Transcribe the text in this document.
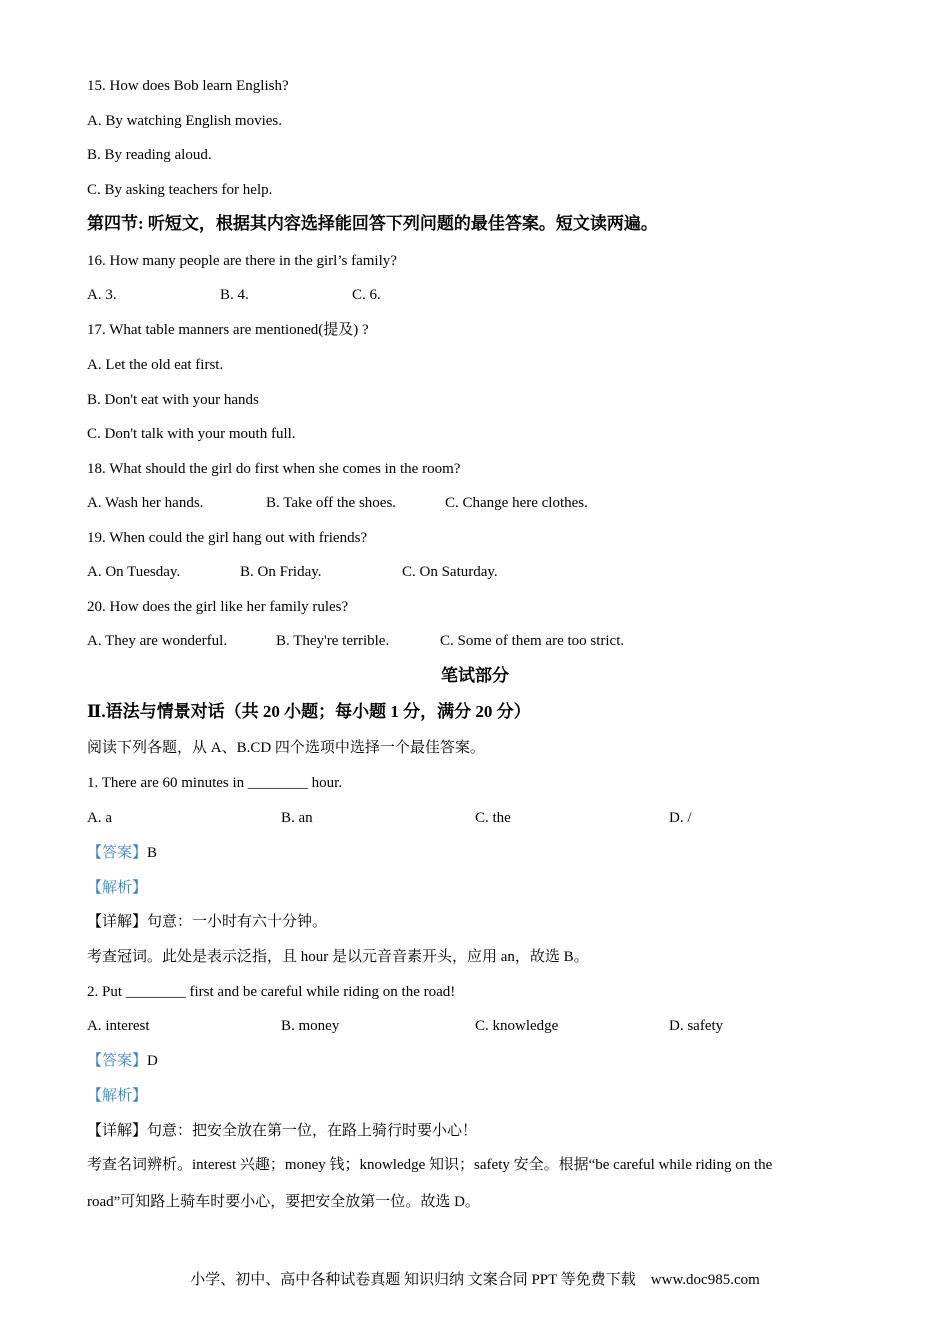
15. How does Bob learn English?
A. By watching English movies.
B. By reading aloud.
C. By asking teachers for help.
第四节: 听短文，根据其内容选择能回答下列问题的最佳答案。短文读两遍。
16. How many people are there in the girl’s family?
A. 3.	B. 4.	C. 6.
17. What table manners are mentioned(提及) ?
A. Let the old eat first.
B. Don't eat with your hands
C. Don't talk with your mouth full.
18. What should the girl do first when she comes in the room?
A. Wash her hands.	B. Take off the shoes.	C. Change here clothes.
19. When could the girl hang out with friends?
A. On Tuesday.	B. On Friday.	C. On Saturday.
20. How does the girl like her family rules?
A. They are wonderful.	B. They're terrible.	C. Some of them are too strict.
笔试部分
Ⅱ.语法与情景对话（共 20 小题；每小题 1 分，满分 20 分）
阅读下列各题，从 A、B.CD 四个选项中选择一个最佳答案。
1. There are 60 minutes in ________ hour.
A. a	B. an	C. the	D. /
【答案】B
【解析】
【详解】句意：一小时有六十分钟。
考查冠词。此处是表示泛指，且 hour 是以元音音素开头，应用 an，故选 B。
2. Put ________ first and be careful while riding on the road!
A. interest	B. money	C. knowledge	D. safety
【答案】D
【解析】
【详解】句意：把安全放在第一位，在路上骑行时要小心！
考查名词辨析。interest 兴趣；money 钱；knowledge 知识；safety 安全。根据“be careful while riding on the
road”可知路上骑车时要小心，要把安全放第一位。故选 D。
小学、初中、高中各种试卷真题 知识归纳 文案合同 PPT 等免费下载    www.doc985.com
